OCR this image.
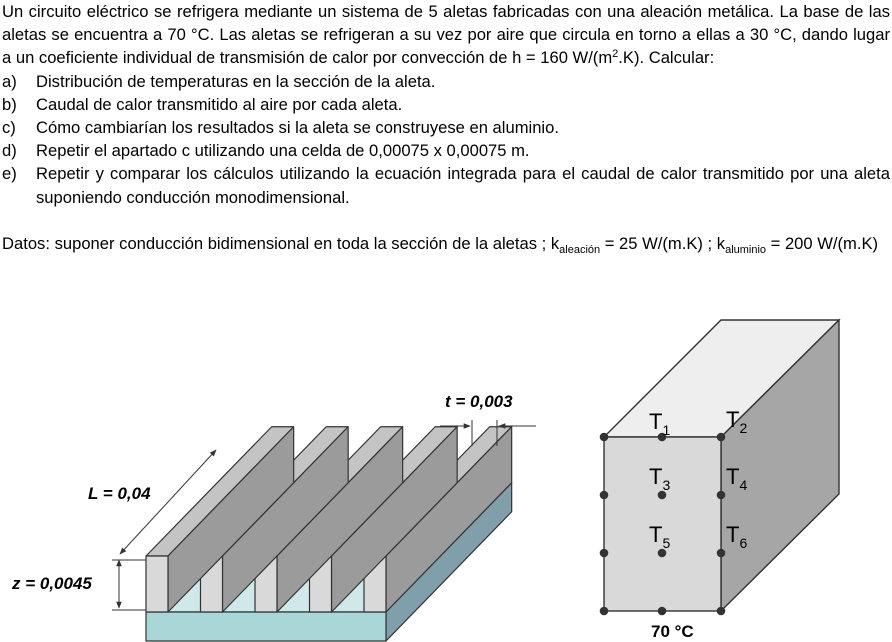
Un circuito eléctrico se refrigera mediante un sistema de 5 aletas fabricadas con una aleación metálica. La base de las aletas se encuentra a 70 °C. Las aletas se refrigeran a su vez por aire que circula en torno a ellas a 30 °C, dando lugar a un coeficiente individual de transmisión de calor por convección de h = 160 $W/(m^2.K)$. Calcular:

a)	Distribución de temperaturas en la sección de la aleta.
b)	Caudal de calor transmitido al aire por cada aleta.
c)	Cómo cambiarían los resultados si la aleta se construyese en aluminio.
d)	Repetir el apartado c utilizando una celda de 0,00075 x 0,00075 m.
e)	Repetir y comparar los cálculos utilizando la ecuación integrada para el caudal de calor transmitido por una aleta suponiendo conducción monodimensional.

Datos: suponer conducción bidimensional en toda la sección de la aletas ; $k_{aleación} = 25$ W/(m.K) ; $k_{aluminio} = 200$ W/(m.K)

t = 0,003
L = 0,04
z = 0,0045
$T_1$	$T_2$
$T_3$	$T_4$
$T_5$	$T_6$
70 °C
